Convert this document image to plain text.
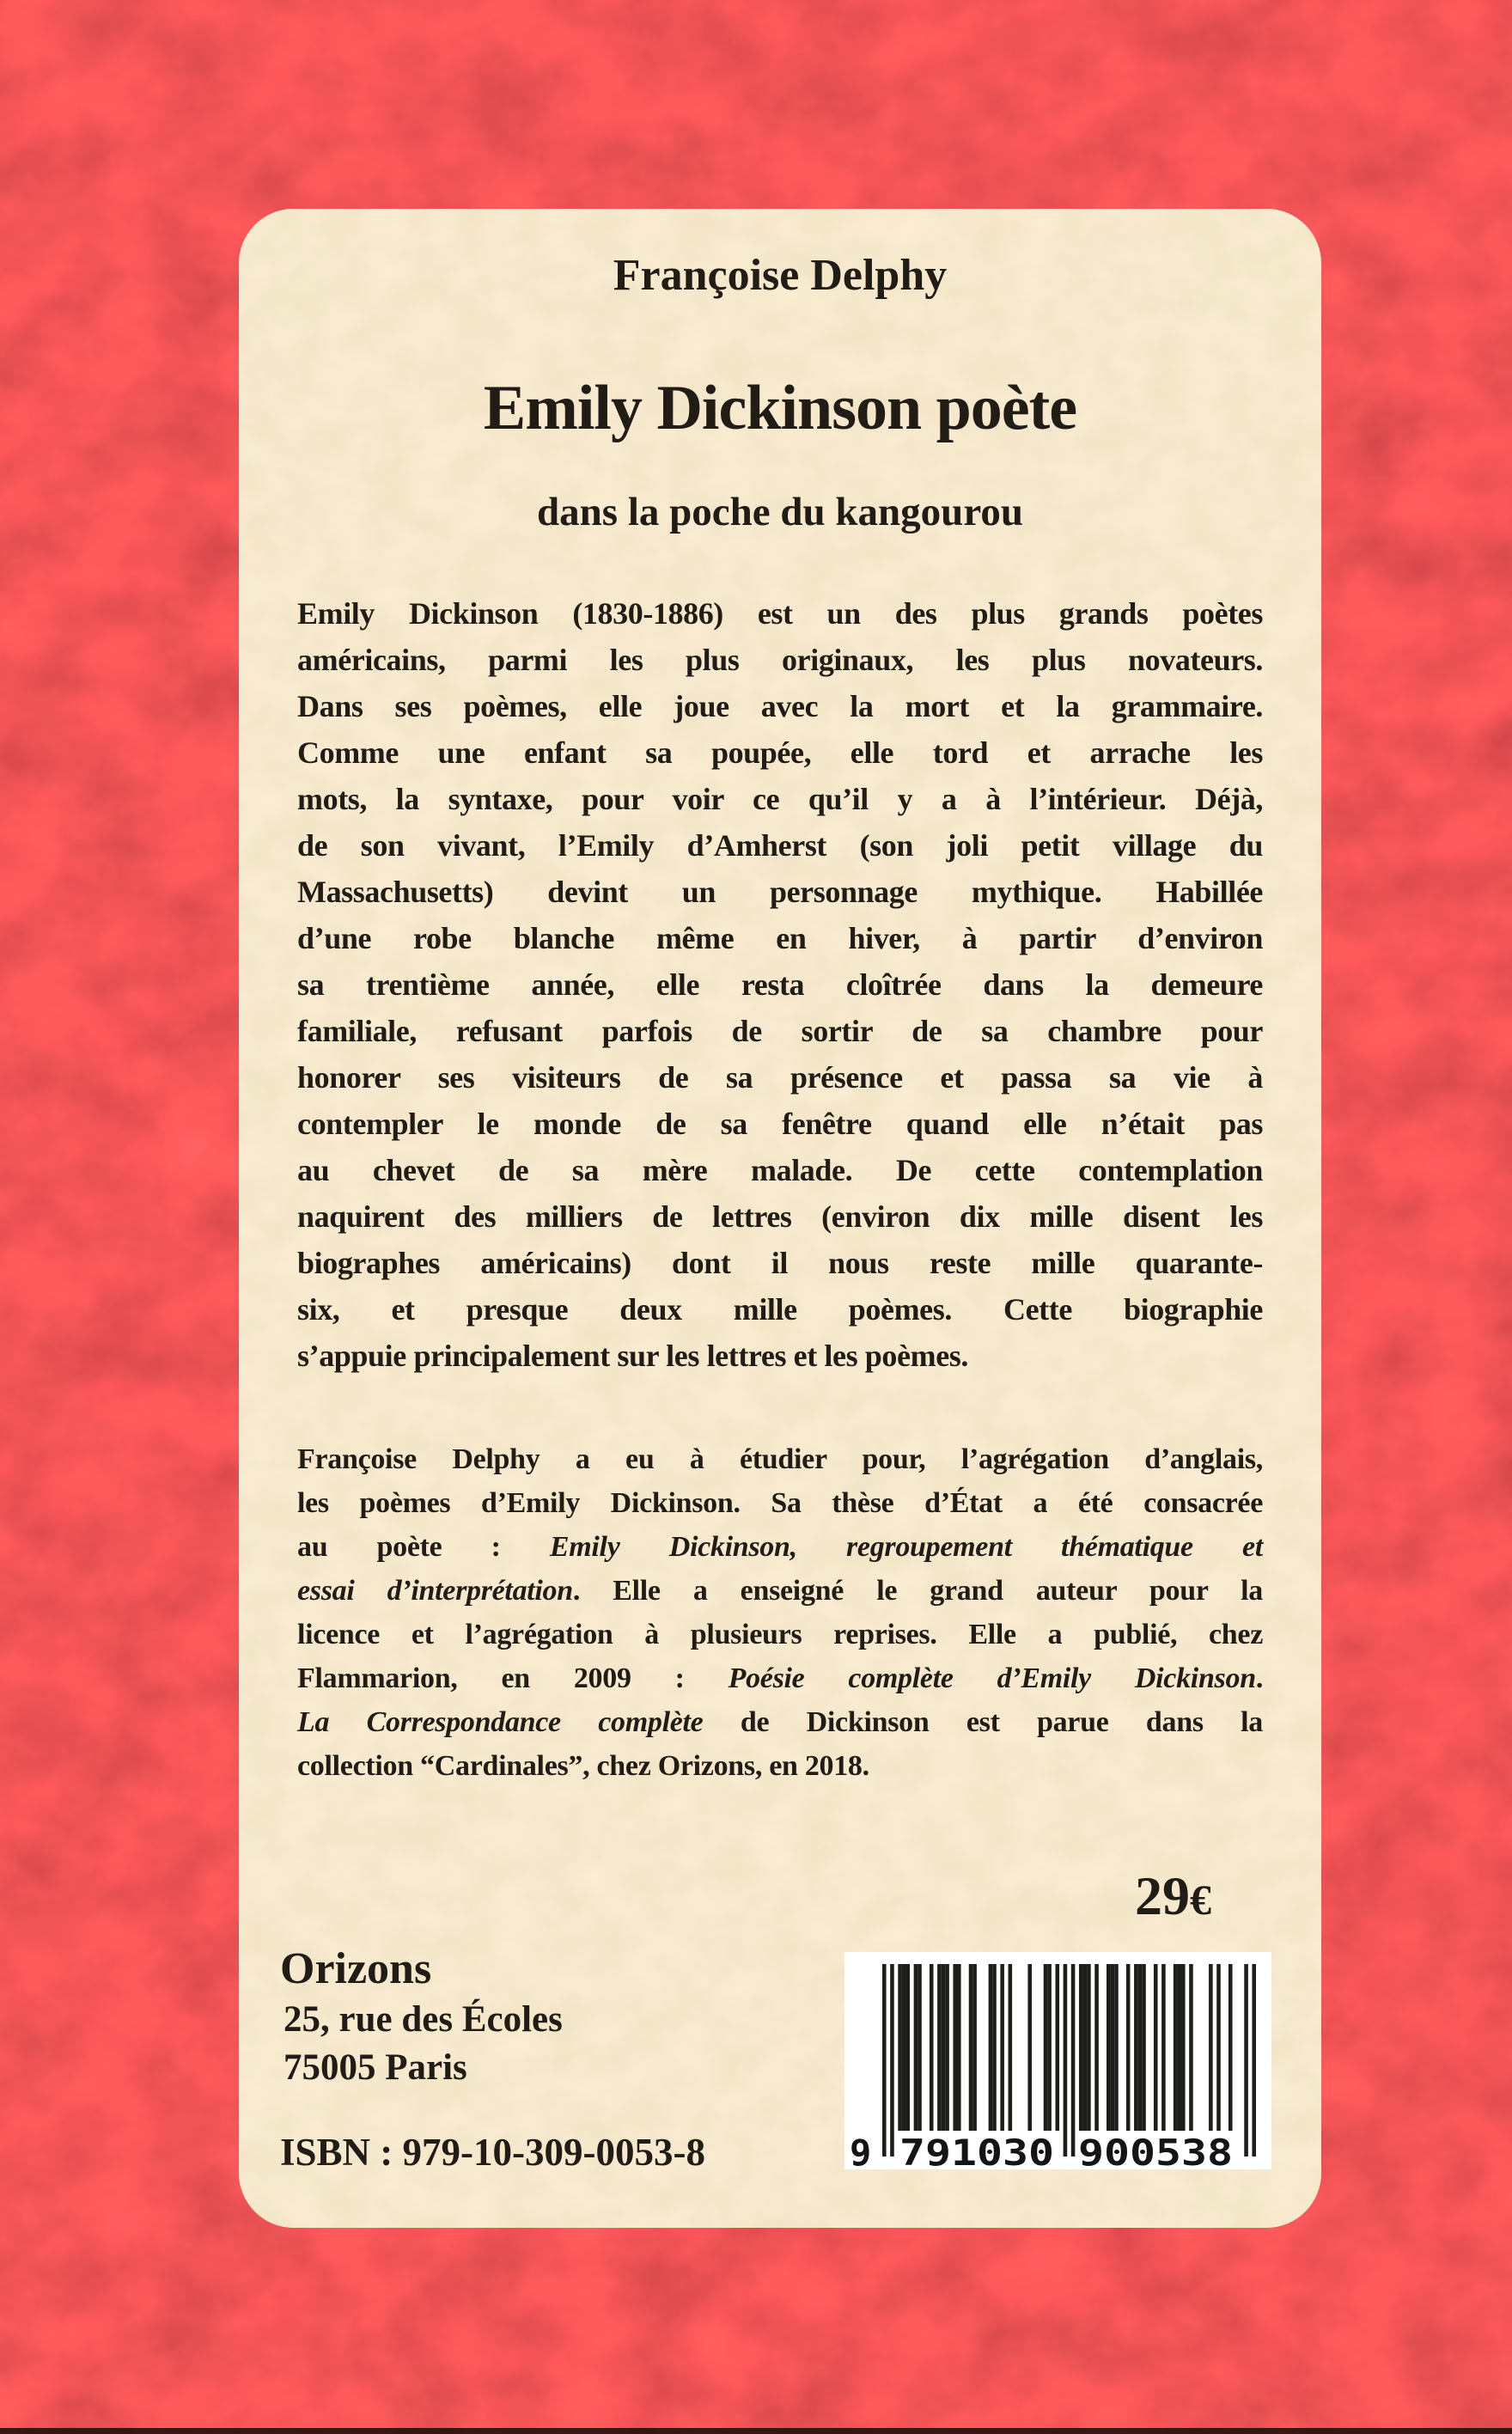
Françoise Delphy
Emily Dickinson poète
dans la poche du kangourou
Emily Dickinson (1830-1886) est un des plus grands poètes
américains, parmi les plus originaux, les plus novateurs.
Dans ses poèmes, elle joue avec la mort et la grammaire.
Comme une enfant sa poupée, elle tord et arrache les
mots, la syntaxe, pour voir ce qu’il y a à l’intérieur. Déjà,
de son vivant, l’Emily d’Amherst (son joli petit village du
Massachusetts) devint un personnage mythique. Habillée
d’une robe blanche même en hiver, à partir d’environ
sa trentième année, elle resta cloîtrée dans la demeure
familiale, refusant parfois de sortir de sa chambre pour
honorer ses visiteurs de sa présence et passa sa vie à
contempler le monde de sa fenêtre quand elle n’était pas
au chevet de sa mère malade. De cette contemplation
naquirent des milliers de lettres (environ dix mille disent les
biographes américains) dont il nous reste mille quarante-
six, et presque deux mille poèmes. Cette biographie
s’appuie principalement sur les lettres et les poèmes.
Françoise Delphy a eu à étudier pour, l’agrégation d’anglais,
les poèmes d’Emily Dickinson. Sa thèse d’État a été consacrée
au poète : Emily Dickinson, regroupement thématique et
essai d’interprétation. Elle a enseigné le grand auteur pour la
licence et l’agrégation à plusieurs reprises. Elle a publié, chez
Flammarion, en 2009 : Poésie complète d’Emily Dickinson.
La Correspondance complète de Dickinson est parue dans la
collection “Cardinales”, chez Orizons, en 2018.
29€
Orizons
25, rue des Écoles
75005 Paris
ISBN : 979-10-309-0053-8	9 791030 900538
